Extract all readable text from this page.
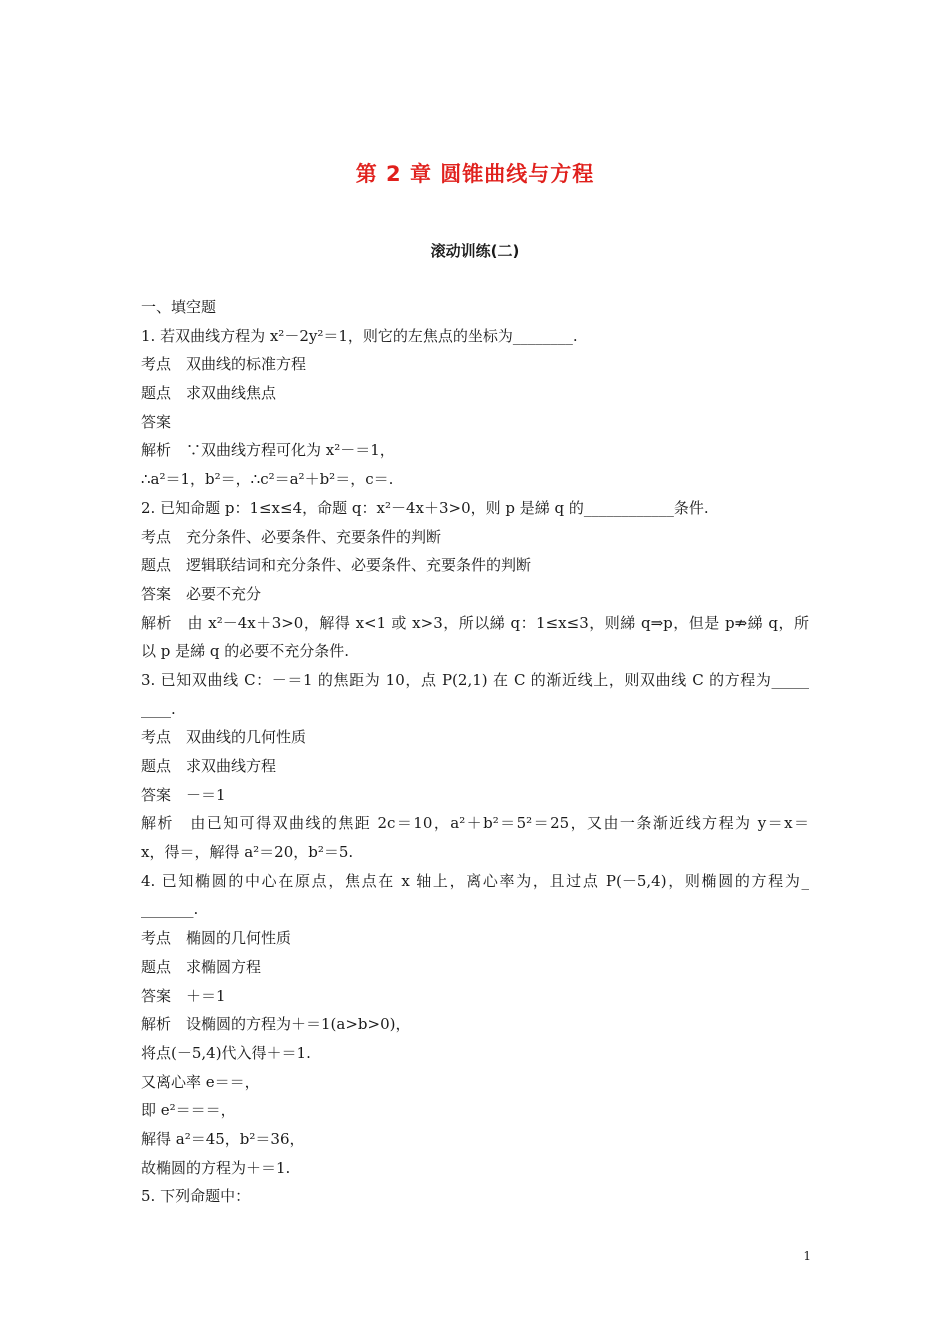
第 2 章 圆锥曲线与方程
滚动训练(二)
一、填空题
1. 若双曲线方程为 x²－2y²＝1，则它的左焦点的坐标为________.
考点　双曲线的标准方程
题点　求双曲线焦点
答案
解析　∵双曲线方程可化为 x²－＝1，
∴a²＝1，b²＝，∴c²＝a²＋b²＝，c＝.
2. 已知命题 p：1≤x≤4，命题 q：x²－4x＋3>0，则 p 是綈 q 的____________条件.
考点　充分条件、必要条件、充要条件的判断
题点　逻辑联结词和充分条件、必要条件、充要条件的判断
答案　必要不充分
解析　由 x²－4x＋3>0，解得 x<1 或 x>3，所以綈 q：1≤x≤3，则綈 q⇒p，但是 p⇏綈 q，所
以 p 是綈 q 的必要不充分条件.
3. 已知双曲线 C：－＝1 的焦距为 10，点 P(2,1) 在 C 的渐近线上，则双曲线 C 的方程为_____
____.
考点　双曲线的几何性质
题点　求双曲线方程
答案　－＝1
解析　由已知可得双曲线的焦距 2c＝10，a²＋b²＝5²＝25，又由一条渐近线方程为 y＝x＝
x，得＝，解得 a²＝20，b²＝5.
4. 已知椭圆的中心在原点，焦点在 x 轴上，离心率为，且过点 P(－5,4)，则椭圆的方程为_
_______.
考点　椭圆的几何性质
题点　求椭圆方程
答案　＋＝1
解析　设椭圆的方程为＋＝1(a>b>0)，
将点(－5,4)代入得＋＝1.
又离心率 e＝＝，
即 e²＝＝＝，
解得 a²＝45，b²＝36，
故椭圆的方程为＋＝1.
5. 下列命题中：
1
